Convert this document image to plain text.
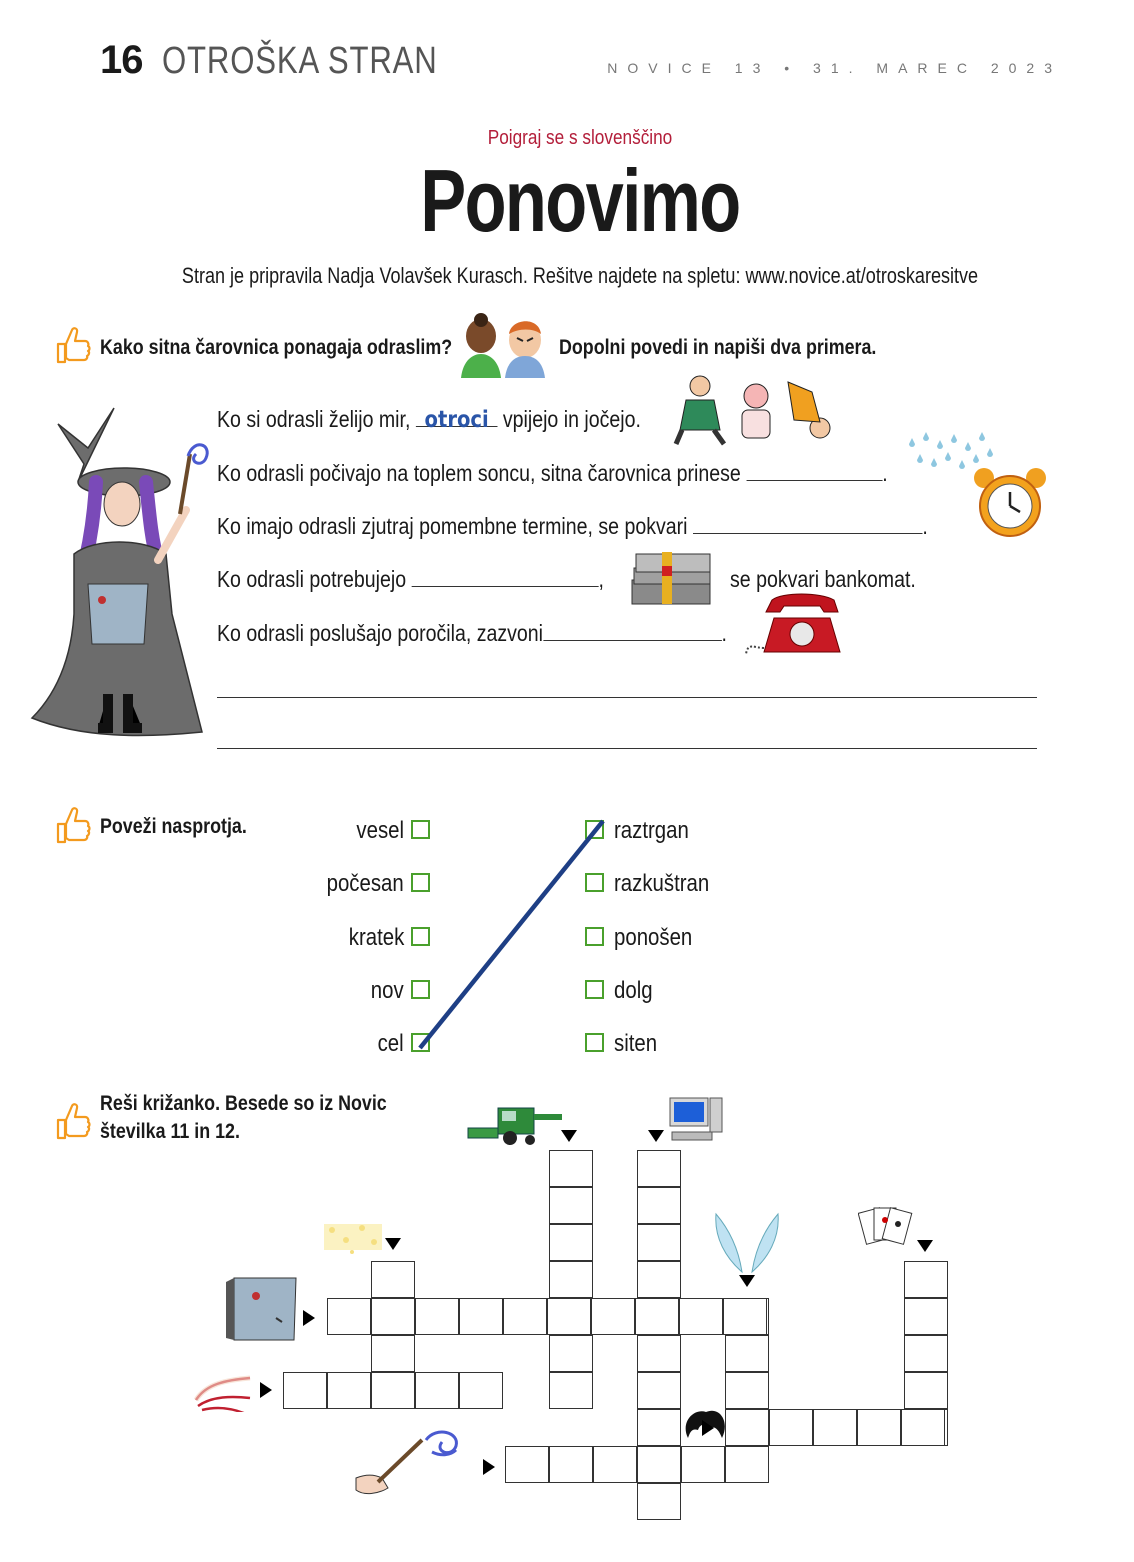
16 OTROŠKA STRAN	NOVICE 13 • 31. MAREC 2023
Poigraj se s slovenščino
Ponovimo
Stran je pripravila Nadja Volavšek Kurasch. Rešitve najdete na spletu: www.novice.at/otroskaresitve
Kako sitna čarovnica ponagaja odraslim?	Dopolni povedi in napiši dva primera.
Ko si odrasli želijo mir, otroci vpijejo in jočejo.
Ko odrasli počivajo na toplem soncu, sitna čarovnica prinese	.
Ko imajo odrasli zjutraj pomembne termine, se pokvari	.
Ko odrasli potrebujejo	,	se pokvari bankomat.
Ko odrasli poslušajo poročila, zazvoni	.
Poveži nasprotja.	vesel	raztrgan
počesan	razkuštran
kratek	ponošen
nov	dolg
cel	siten
Reši križanko. Besede so iz Novic
številka 11 in 12.
